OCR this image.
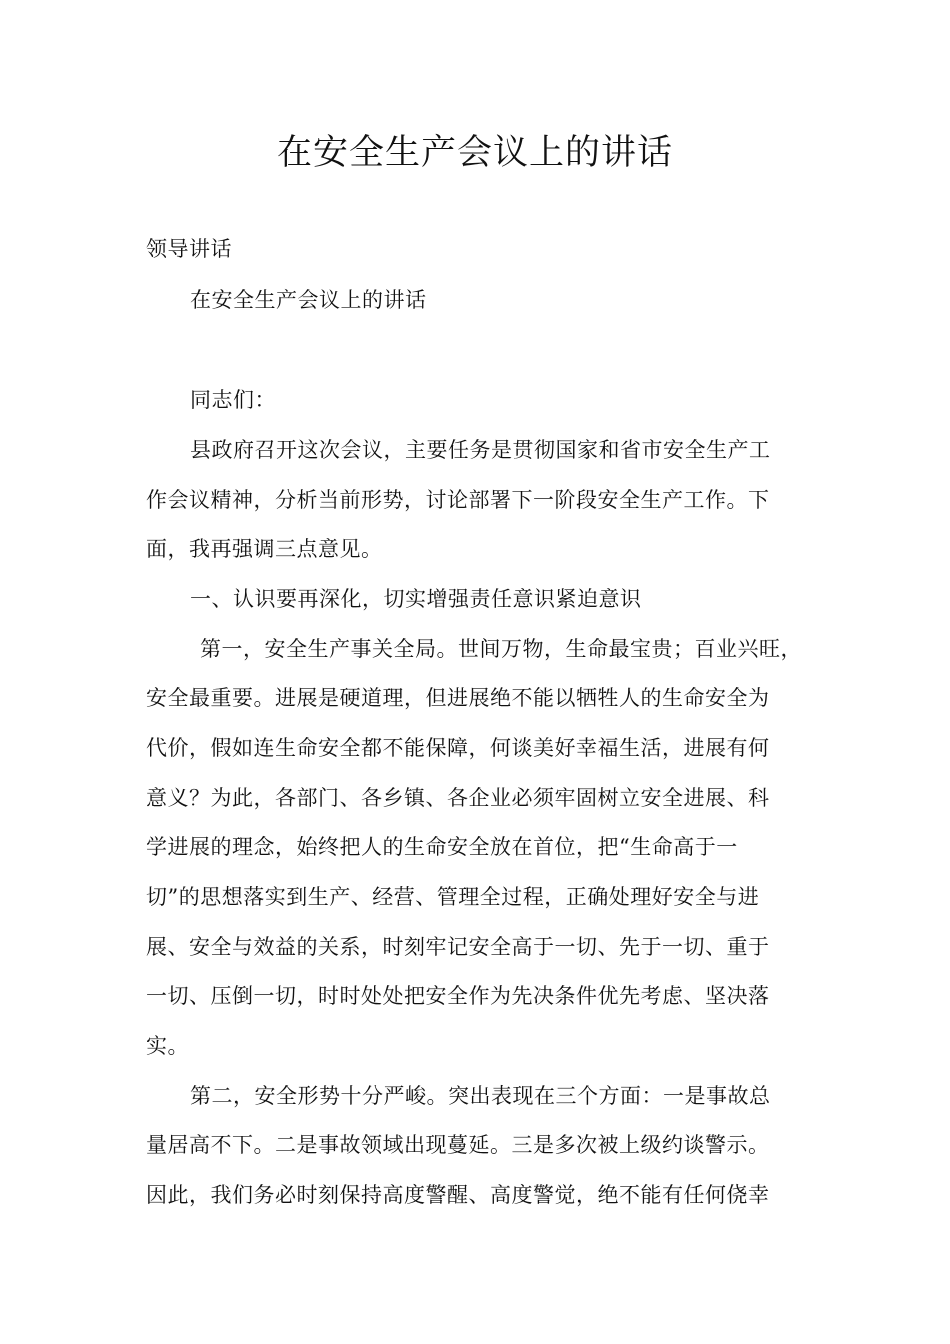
在安全生产会议上的讲话
领导讲话
在安全生产会议上的讲话
同志们：
县政府召开这次会议，主要任务是贯彻国家和省市安全生产工
作会议精神，分析当前形势，讨论部署下一阶段安全生产工作。下
面，我再强调三点意见。
一、认识要再深化，切实增强责任意识紧迫意识
第一，安全生产事关全局。世间万物，生命最宝贵；百业兴旺，
安全最重要。进展是硬道理，但进展绝不能以牺牲人的生命安全为
代价，假如连生命安全都不能保障，何谈美好幸福生活，进展有何
意义？为此，各部门、各乡镇、各企业必须牢固树立安全进展、科
学进展的理念，始终把人的生命安全放在首位，把“生命高于一
切”的思想落实到生产、经营、管理全过程，正确处理好安全与进
展、安全与效益的关系，时刻牢记安全高于一切、先于一切、重于
一切、压倒一切，时时处处把安全作为先决条件优先考虑、坚决落
实。
第二，安全形势十分严峻。突出表现在三个方面：一是事故总
量居高不下。二是事故领域出现蔓延。三是多次被上级约谈警示。
因此，我们务必时刻保持高度警醒、高度警觉，绝不能有任何侥幸
